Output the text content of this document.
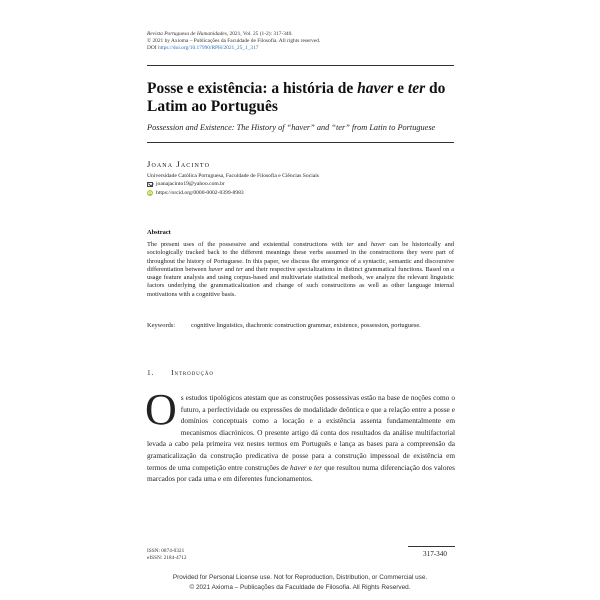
Revista Portuguesa de Humanidades, 2021, Vol. 25 (1-2): 317-340.
© 2021 by Axioma – Publicações da Faculdade de Filosofia. All rights reserved.
DOI https://doi.org/10.17990/RPH/2021_25_1_317
Posse e existência: a história de haver e ter do
Latim ao Português
Possession and Existence: The History of “haver” and “ter” from Latin to Portuguese
Joana Jacinto
Universidade Católica Portuguesa, Faculdade de Filosofia e Ciências Sociais
joanajacinto19@yahoo.com.br
iD https://orcid.org/0000-0002-0399-8983
Abstract

The present uses of the possessive and existential constructions with ter and haver can be historically and sociologically tracked back to the different meanings these verbs assumed in the constructions they were part of throughout the history of Portuguese. In this paper, we discuss the emergence of a syntactic, semantic and discoursive differentiation between haver and ter and their respective specializations in distinct grammatical functions. Based on a usage feature analysis and using corpus-based and multivariate statistical methods, we analyze the relevant linguistic factors underlying the grammaticalization and change of such constructions as well as other language internal motivations with a cognitive basis.

Keywords:	cognitive linguistics, diachronic construction grammar, existence, possession, portuguese.
1. Introdução

Os estudos tipológicos atestam que as construções possessivas estão na base de noções como o futuro, a perfectividade ou expressões de modalidade deôntica e que a relação entre a posse e domínios conceptuais como a locação e a existência assenta fundamentalmente em mecanismos diacrónicos. O presente artigo dá conta dos resultados da análise multifactorial levada a cabo pela primeira vez nestes termos em Português e lança as bases para a compreensão da gramaticalização da construção predicativa de posse para a construção impessoal de existência em termos de uma competição entre construções de haver e ter que resultou numa diferenciação dos valores marcados por cada uma e em diferentes funcionamentos.

ISSN: 0874-0321
eISSN: 2184-4712
317-340
Provided for Personal License use. Not for Reproduction, Distribution, or Commercial use.
© 2021 Axioma – Publicações da Faculdade de Filosofia. All Rights Reserved.
